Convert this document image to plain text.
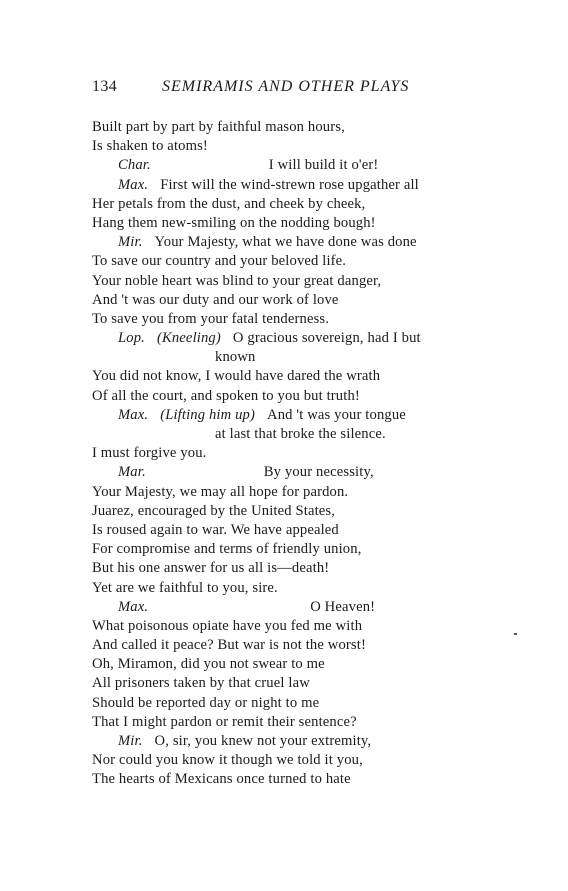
134	SEMIRAMIS AND OTHER PLAYS
Built part by part by faithful mason hours,
Is shaken to atoms!
Char.	I will build it o'er!
Max. First will the wind-strewn rose upgather all
Her petals from the dust, and cheek by cheek,
Hang them new-smiling on the nodding bough!
Mir. Your Majesty, what we have done was done
To save our country and your beloved life.
Your noble heart was blind to your great danger,
And 't was our duty and our work of love
To save you from your fatal tenderness.
Lop. (Kneeling) O gracious sovereign, had I but
known
You did not know, I would have dared the wrath
Of all the court, and spoken to you but truth!
Max. (Lifting him up) And 't was your tongue
at last that broke the silence.
I must forgive you.
Mar.	By your necessity,
Your Majesty, we may all hope for pardon.
Juarez, encouraged by the United States,
Is roused again to war. We have appealed
For compromise and terms of friendly union,
But his one answer for us all is—death!
Yet are we faithful to you, sire.
Max.	O Heaven!
What poisonous opiate have you fed me with
And called it peace? But war is not the worst!
Oh, Miramon, did you not swear to me
All prisoners taken by that cruel law
Should be reported day or night to me
That I might pardon or remit their sentence?
Mir. O, sir, you knew not your extremity,
Nor could you know it though we told it you,
The hearts of Mexicans once turned to hate
